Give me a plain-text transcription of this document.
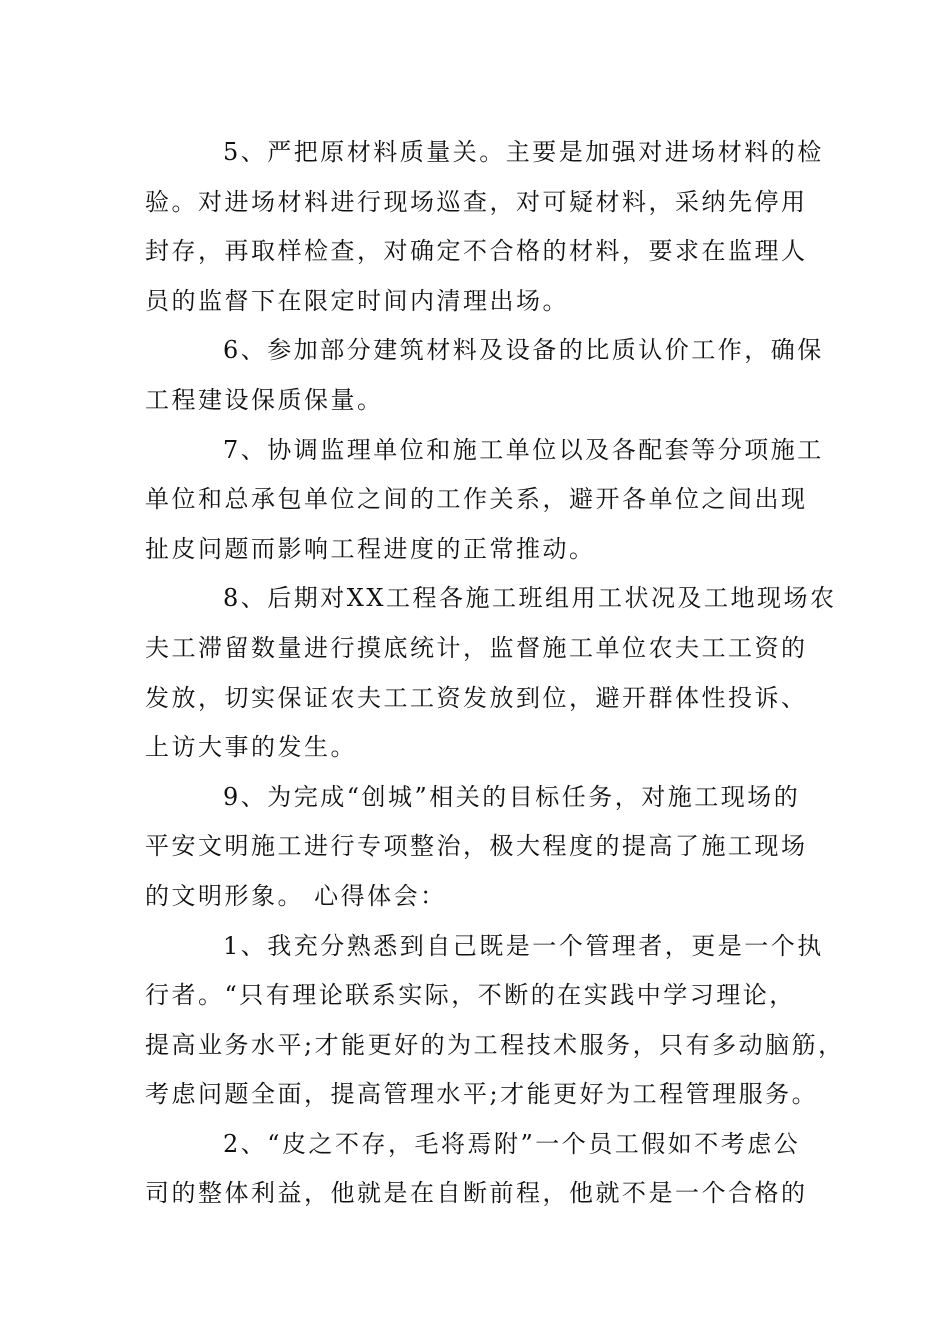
5、严把原材料质量关。主要是加强对进场材料的检
验。对进场材料进行现场巡查，对可疑材料，采纳先停用
封存，再取样检查，对确定不合格的材料，要求在监理人
员的监督下在限定时间内清理出场。
6、参加部分建筑材料及设备的比质认价工作，确保
工程建设保质保量。
7、协调监理单位和施工单位以及各配套等分项施工
单位和总承包单位之间的工作关系，避开各单位之间出现
扯皮问题而影响工程进度的正常推动。
8、后期对XX工程各施工班组用工状况及工地现场农
夫工滞留数量进行摸底统计，监督施工单位农夫工工资的
发放，切实保证农夫工工资发放到位，避开群体性投诉、
上访大事的发生。
9、为完成“创城”相关的目标任务，对施工现场的
平安文明施工进行专项整治，极大程度的提高了施工现场
的文明形象。 心得体会：
1、我充分熟悉到自己既是一个管理者，更是一个执
行者。“只有理论联系实际，不断的在实践中学习理论，
提高业务水平;才能更好的为工程技术服务，只有多动脑筋，
考虑问题全面，提高管理水平;才能更好为工程管理服务。
2、“皮之不存，毛将焉附”一个员工假如不考虑公
司的整体利益，他就是在自断前程，他就不是一个合格的
